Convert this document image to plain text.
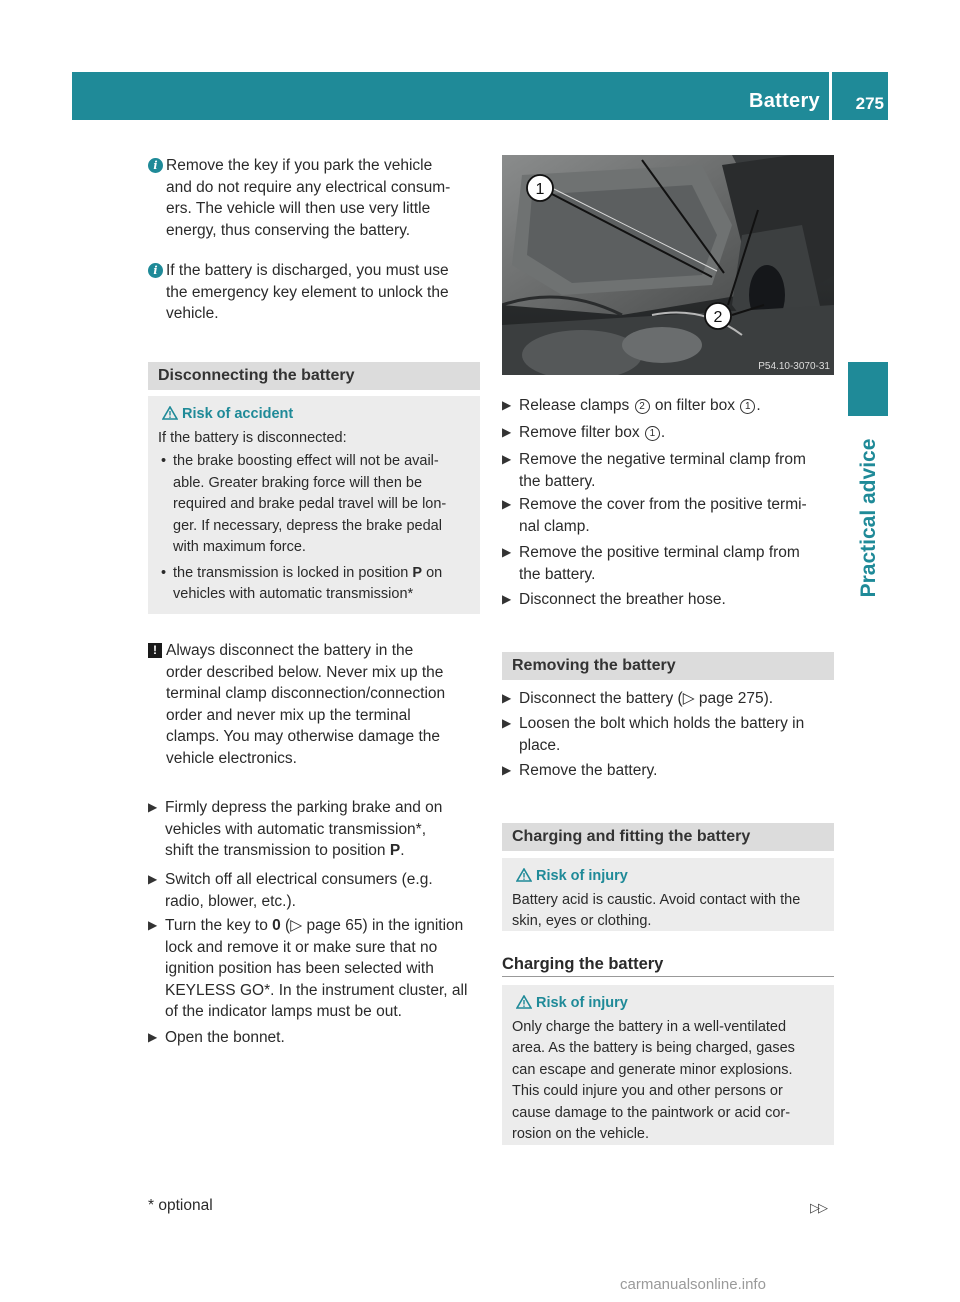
Battery 275
Practical advice
i Remove the key if you park the vehicle

and do not require any electrical consum-

ers. The vehicle will then use very little

energy, thus conserving the battery.

i If the battery is discharged, you must use

the emergency key element to unlock the

vehicle.

Disconnecting the battery
Risk of accident

If the battery is disconnected:

• the brake boosting effect will not be avail-

able. Greater braking force will then be

required and brake pedal travel will be lon-

ger. If necessary, depress the brake pedal

with maximum force.

• the transmission is locked in position P on

vehicles with automatic transmission*

! Always disconnect the battery in the

order described below. Never mix up the

terminal clamp disconnection/connection

order and never mix up the terminal

clamps. You may otherwise damage the

vehicle electronics.

▶ Firmly depress the parking brake and on

vehicles with automatic transmission*,

shift the transmission to position P.

▶ Switch off all electrical consumers (e.g.

radio, blower, etc.).

▶ Turn the key to 0 (▷ page 65) in the ignition

lock and remove it or make sure that no

ignition position has been selected with

KEYLESS GO*. In the instrument cluster, all

of the indicator lamps must be out.

▶ Open the bonnet.

1
2
P54.10-3070-31
▶ Release clamps 2 on filter box 1 .

▶ Remove filter box 1 .

▶ Remove the negative terminal clamp from

the battery.

▶ Remove the cover from the positive termi-

nal clamp.

▶ Remove the positive terminal clamp from

the battery.

▶ Disconnect the breather hose.

Removing the battery
▶ Disconnect the battery (▷ page 275).

▶ Loosen the bolt which holds the battery in

place.

▶ Remove the battery.

Charging and fitting the battery
Risk of injury

Battery acid is caustic. Avoid contact with the

skin, eyes or clothing.

Charging the battery
Risk of injury

Only charge the battery in a well-ventilated

area. As the battery is being charged, gases

can escape and generate minor explosions.

This could injure you and other persons or

cause damage to the paintwork or acid cor-

rosion on the vehicle.

* optional	▷▷
carmanualsonline.info
